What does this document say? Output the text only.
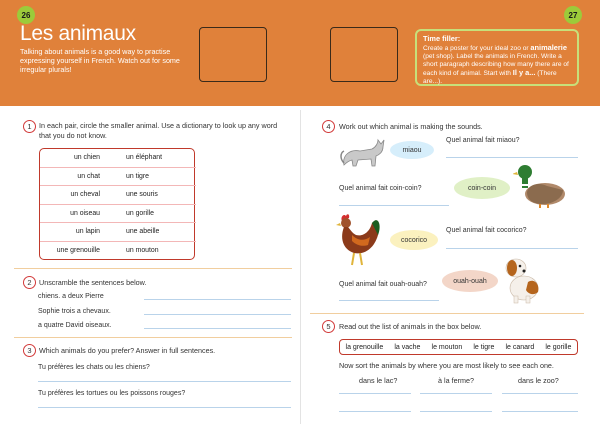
26	27
Les animaux
Talking about animals is a good way to practise expressing yourself in French. Watch out for some irregular plurals!
Time filler:
Create a poster for your ideal zoo or animalerie (pet shop). Label the animals in French. Write a short paragraph describing how many there are of each kind of animal. Start with Il y a... (There are...).
1	In each pair, circle the smaller animal. Use a dictionary to look up any word that you do not know.
un chien	un éléphant
un chat	un tigre
un cheval	une souris
un oiseau	un gorille
un lapin	une abeille
une grenouille	un mouton
2	Unscramble the sentences below.
chiens. a deux Pierre
Sophie trois a chevaux.
a quatre David oiseaux.
3	Which animals do you prefer? Answer in full sentences.
Tu préfères les chats ou les chiens?
Tu préfères les tortues ou les poissons rouges?
4	Work out which animal is making the sounds.
miaou
Quel animal fait miaou?
Quel animal fait coin-coin?	coin-coin
cocorico
Quel animal fait cocorico?
Quel animal fait ouah-ouah?	ouah-ouah
5	Read out the list of animals in the box below.
la grenouille la vache le mouton le tigre le canard le gorille
Now sort the animals by where you are most likely to see each one.
dans le lac?	à la ferme?	dans le zoo?
